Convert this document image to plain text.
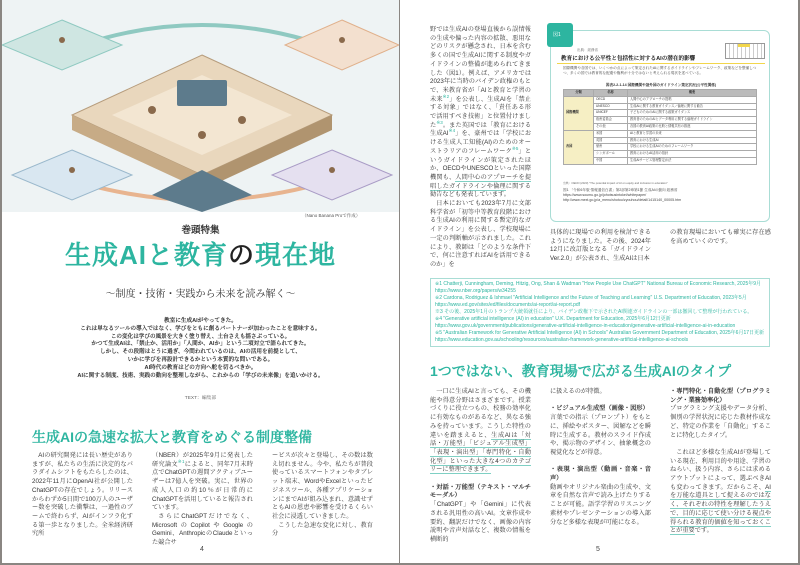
（Nano Banana Proで作成）
巻頭特集
生成AIと教育の現在地
～制度・技術・実践から未来を読み解く～
教室に生成AIがやってきた。
これは単なるツールの導入ではなく、学びをともに創るパートナーが加わったことを意味する。
この変化は学びの風景を大きく塗り替え、土台さえも揺さぶっている。
かつて生成AIは、「禁止か、活用か」「人間か、AIか」という二項対立で語られてきた。
しかし、その段階はとうに過ぎ、今問われているのは、AIの活用を前提として、
いかに学びを再設計できるかという本質的な問いである。
AI時代の教育はどの方向へ舵を切るべきか。
AIに関する制度、技術、実践の動向を整理しながら、これからの「学びの未来像」を追いかける。
TEXT：編集部
生成AIの急速な拡大と教育をめぐる制度整備

AIの研究開発には長い歴史がありますが、私たちの生活に決定的なパラダイムシフトをもたらしたのは、2022年11月にOpenAI社が公開したChatGPTの存在でしょう。リリースからわずか5日間で100万人のユーザー数を突破した衝撃は、一過性のブームで終わらず、AIがインフラ化する第一歩となりました。全米経済研究所

（NBER）が2025年9月に発表した研究論文$^{※1}$によると、同年7月末時点でChatGPTの週間アクティブユーザーは7億人を突破。実に、世界の成人人口の約10％が日常的にChatGPTを活用していると報告されています。

さらにChatGPTだけでなく、MicrosoftのCopilotやGoogleのGemini、AnthropicのClaudeといった競合サ

ービスが次々と登場し、その数は数え切れません。今や、私たちが普段使っているスマートフォンやタブレット端末、WordやExcelといったビジネスツール、各種アプリケーションにまでAIが組み込まれ、意識せずともAIの恩恵や影響を受けるくらい社会に浸透していきました。

こうした急速な変化に対し、教育分

4

野では生成AIの登場直後から誤情報の生成や偏った内容の拡散、悪用などのリスクが懸念され、日本を含む多くの国で生成AIに関する制度やガイドラインの整備が進められてきました（図1）。例えば、アメリカでは2023年に当時のバイデン政権のもとで、米教育省が「AIと教育と学習の未来$^{※2}$」を公表し、生成AIを「禁止する対象」ではなく、「責任ある形で活用すべき技術」と位置付けました$^{※3}$。また英国では「教育における生成AI$^{※4}$」を、豪州では「学校における生成人工知能(AI)のためのオーストラリアのフレームワーク$^{※5}$」というガイドラインが策定されたほか、OECDやUNESCOといった国際機関も、人間中心のアプローチを提唱したガイドラインや倫理に関する勧告なども発表しています。

日本においても2023年7月に文部科学省が「初等中等教育段階における生成AIの利用に関する暫定的なガイドライン」を公表し、学校現場に一定の判断軸が示されました。これにより、教師は「どのような条件下で、何に注意すればAIを活用できるのか」を

図1
出典：総務省
教育における公平性と包括性に対するAIの潜在的影響
国際機関や各国では、いくつかの点によって策定されたAIに関するガイドラインやフレームワーク、政策などを整備しつつ、多くの国では教育的な配慮や権利が十分ではないと考えられる現状を述べている。
図表2-2-1-14 国際機関や諸外国のガイドライン策定状況(公平性関係)
分類	名称	概要
国際機関	OECD	人間中心のアプローチの提唱
	UNESCO	生成AIに関する教育ガイダンス／倫理に関する勧告
	UNICEF	子どものためのAIに関する政策ガイダンス
	欧州委員会	教育者のためのAIとデータ利用に関する倫理ガイドライン
	その他	各国の教育AI政策の比較と情報共有の推進
各国	米国	AIと教育と学習の未来
	英国	教育における生成AI
	豪州	学校における生成AIのためのフレームワーク
	シンガポール	教育におけるAI活用の指針
	中国	生成AIサービス管理暫定弁法
出典：OECD (2023) "The potential impact of AI on equity and inclusion in education"
図1 「令和6年版 情報通信白書」第2部第2章第1節 生成AIの動向 総務省 https://www.soumu.go.jp/johotsusintokei/whitepaper/ http://www.mext.go.jp/a_menu/shotou/zyouhou/detail/1415140_00005.htm

具体的に現場での利用を検討できるようになりました。その後、2024年12月に改訂版となる「ガイドラインVer.2.0」が公表され、生成AIは日本

の教育現場においても確実に存在感を高めていくのです。

※1 Chatterji, Cunningham, Deming, Hitzig, Ong, Shan & Wadman "How People Use ChatGPT" National Bureau of Economic Research, 2025年9月 https://www.nber.org/papers/w34255
※2 Cardona, Rodriguez & Ishmael "Artificial Intelligence and the Future of Teaching and Learning" U.S. Department of Education, 2023年5月 https://www.ed.gov/sites/ed/files/documents/ai-report/ai-report.pdf
※3 その後、2025年1月のトランプ大統領就任により、バイデン政権下で示されたAI関連ガイドラインの一部は撤回して整理が行われている。
※4 "Generative artificial intelligence (AI) in education" U.K. Department for Education, 2025年6月12日更新 https://www.gov.uk/government/publications/generative-artificial-intelligence-in-education/generative-artificial-intelligence-ai-in-education
※5 "Australian Framework for Generative Artificial Intelligence (AI) in Schools" Australian Government Department of Education, 2025年6月17日更新 https://www.education.gov.au/schooling/resources/australian-framework-generative-artificial-intelligence-ai-schools
1つではない、教育現場で広がる生成AIのタイプ

一口に生成AIと言っても、その機能や得意分野はさまざまです。授業づくりに役立つもの、校務の効率化に有効なものがあるなど、異なる強みを持っています。こうした特性の違いを踏まえると、生成AIは「対話・万能型」「ビジュアル生成型」「表現・演出型」「専門特化・自動化型」といった大きな4つのカテゴリーに整理できます。

・対話・万能型（テキスト・マルチモーダル）

「ChatGPT」や「Gemini」に代表される汎用性の高いAI。文章作成や要約、翻訳だけでなく、画像の内容説明や音声対話など、複数の情報を横断的

に扱えるのが特徴。

・ビジュアル生成型（画像・図形）

言葉での指示（プロンプト）をもとに、挿絵やポスター、図解などを瞬時に生成する。教材のスライド作成や、掲示物のデザイン、抽象概念の視覚化などが得意。

・表現・演出型（動画・音楽・音声）

動画やオリジナル楽曲の生成や、文章を自然な音声で読み上げたりすることが可能。語学学習のリスニング素材やプレゼンテーションの導入部分など多様な表現が可能になる。

・専門特化・自動化型（プログラミング・業務効率化）

プログラミング支援やデータ分析、個別の学習状況に応じた教材作成など、特定の作業を「自動化」することに特化したタイプ。

これほど多様な生成AIが登場している現在、利用目的や用途、学習のねらい、扱う内容、さらには求めるアウトプットによって、選ぶべきAIも変わってきます。だからこそ、AIを万能な道具として捉えるのではなく、それぞれの特性を理解したうえで、目的に応じて使い分ける視点や得られる教育的価値を知っておくことが重要です。

5
